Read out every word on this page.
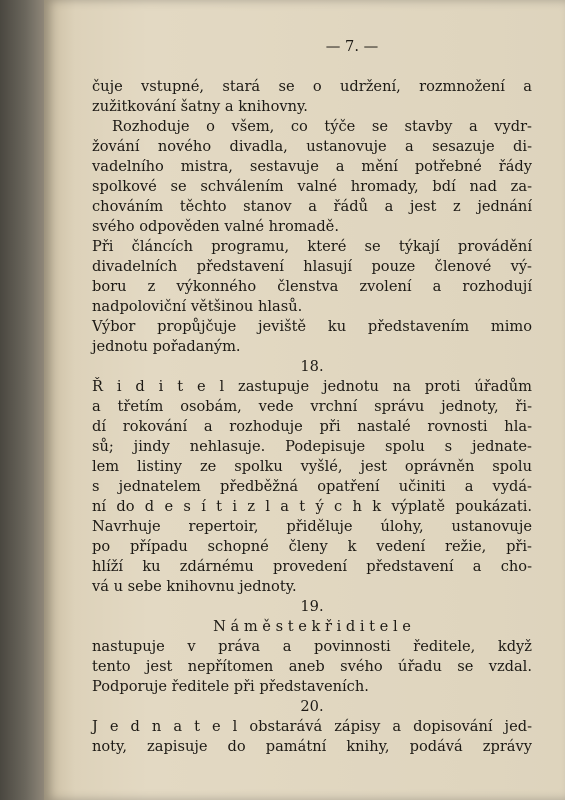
— 7. —
čuje vstupné, stará se o udržení, rozmnožení a
zužitkování šatny a knihovny.
Rozhoduje o všem, co týče se stavby a vydr-
žování nového divadla, ustanovuje a sesazuje di-
vadelního mistra, sestavuje a mění potřebné řády
spolkové se schválením valné hromady, bdí nad za-
chováním těchto stanov a řádů a jest z jednání
svého odpověden valné hromadě.
Při článcích programu, které se týkají provádění
divadelních představení hlasují pouze členové vý-
boru z výkonného členstva zvolení a rozhodují
nadpoloviční většinou hlasů.
Výbor propůjčuje jeviště ku představením mimo
jednotu pořadaným.
18.
Ř i d i t e l zastupuje jednotu na proti úřadům
a třetím osobám, vede vrchní správu jednoty, ři-
dí rokování a rozhoduje při nastalé rovnosti hla-
sů; jindy nehlasuje. Podepisuje spolu s jednate-
lem listiny ze spolku vyšlé, jest oprávněn spolu
s jednatelem předběžná opatření učiniti a vydá-
ní do d e s í t i z l a t ý c h k výplatě poukázati.
Navrhuje repertoir, přiděluje úlohy, ustanovuje
po případu schopné členy k vedení režie, při-
hlíží ku zdárnému provedení představení a cho-
vá u sebe knihovnu jednoty.
19.
N á m ě s t e k ř i d i t e l e
nastupuje v práva a povinnosti ředitele, když
tento jest nepřítomen aneb svého úřadu se vzdal.
Podporuje ředitele při představeních.
20.
J e d n a t e l obstarává zápisy a dopisování jed-
noty, zapisuje do památní knihy, podává zprávy
